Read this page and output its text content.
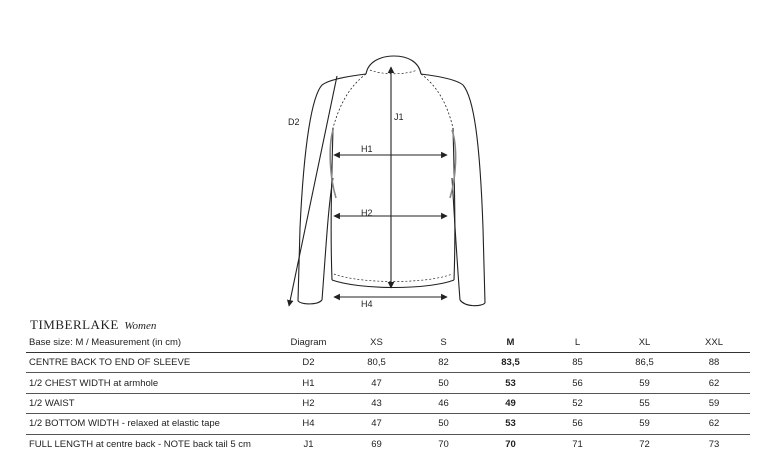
D2	J1
H1
H2
H4
TIMBERLAKE Women
Base size: M / Measurement (in cm)	Diagram	XS	S	M	L	XL	XXL
CENTRE BACK TO END OF SLEEVE	D2	80,5	82	83,5	85	86,5	88
1/2 CHEST WIDTH at armhole	H1	47	50	53	56	59	62
1/2 WAIST	H2	43	46	49	52	55	59
1/2 BOTTOM WIDTH - relaxed at elastic tape	H4	47	50	53	56	59	62
FULL LENGTH at centre back - NOTE back tail 5 cm	J1	69	70	70	71	72	73
